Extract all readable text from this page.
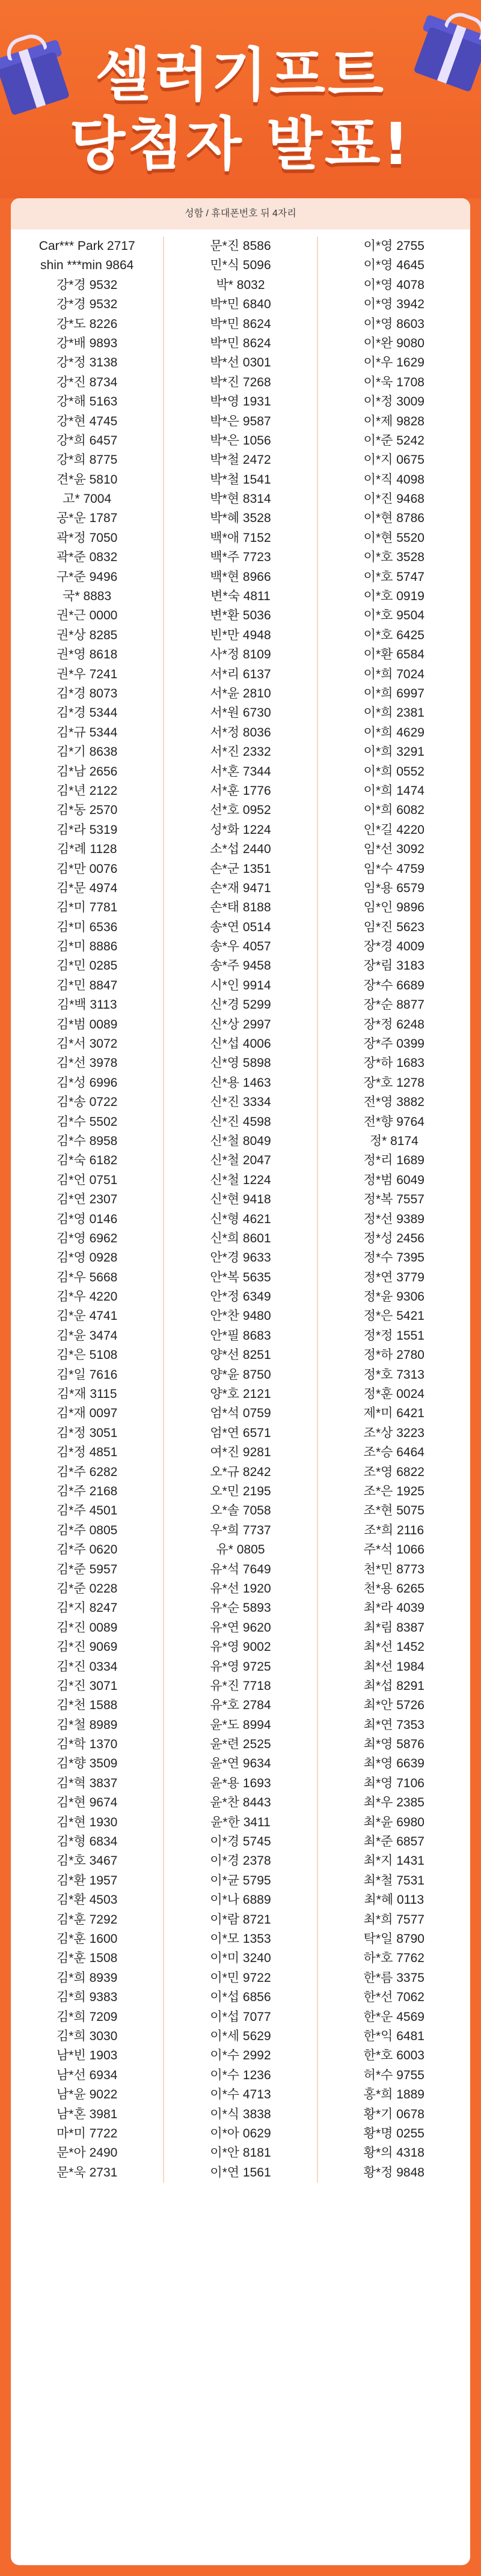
셀러기프트
당첨자 발표!
성함 / 휴대폰번호 뒤 4자리
Car*** Park 2717
shin ***min 9864
강*경 9532
강*경 9532
강*도 8226
강*배 9893
강*정 3138
강*진 8734
강*해 5163
강*현 4745
강*희 6457
강*희 8775
견*윤 5810
고* 7004
공*운 1787
곽*정 7050
곽*준 0832
구*준 9496
국* 8883
권*근 0000
권*상 8285
권*영 8618
권*우 7241
김*경 8073
김*경 5344
김*규 5344
김*기 8638
김*남 2656
김*년 2122
김*동 2570
김*라 5319
김*례 1128
김*만 0076
김*문 4974
김*미 7781
김*미 6536
김*미 8886
김*민 0285
김*민 8847
김*백 3113
김*범 0089
김*서 3072
김*선 3978
김*성 6996
김*송 0722
김*수 5502
김*수 8958
김*숙 6182
김*언 0751
김*연 2307
김*영 0146
김*영 6962
김*영 0928
김*우 5668
김*우 4220
김*운 4741
김*윤 3474
김*은 5108
김*일 7616
김*재 3115
김*재 0097
김*정 3051
김*정 4851
김*주 6282
김*주 2168
김*주 4501
김*주 0805
김*주 0620
김*준 5957
김*준 0228
김*지 8247
김*진 0089
김*진 9069
김*진 0334
김*진 3071
김*천 1588
김*철 8989
김*학 1370
김*향 3509
김*혁 3837
김*현 9674
김*현 1930
김*형 6834
김*호 3467
김*환 1957
김*환 4503
김*훈 7292
김*훈 1600
김*훈 1508
김*희 8939
김*희 9383
김*희 7209
김*희 3030
남*빈 1903
남*선 6934
남*윤 9022
남*혼 3981
마*미 7722
문*아 2490
문*욱 2731
문*진 8586
민*식 5096
박* 8032
박*민 6840
박*민 8624
박*민 8624
박*선 0301
박*진 7268
박*영 1931
박*은 9587
박*은 1056
박*철 2472
박*철 1541
박*현 8314
박*혜 3528
백*애 7152
백*주 7723
백*현 8966
변*숙 4811
변*환 5036
빈*만 4948
사*정 8109
서*리 6137
서*윤 2810
서*원 6730
서*정 8036
서*진 2332
서*혼 7344
서*훈 1776
선*호 0952
성*화 1224
소*섭 2440
손*군 1351
손*재 9471
손*태 8188
송*연 0514
송*우 4057
송*주 9458
시*인 9914
신*경 5299
신*상 2997
신*섭 4006
신*영 5898
신*용 1463
신*진 3334
신*진 4598
신*철 8049
신*철 2047
신*철 1224
신*현 9418
신*형 4621
신*희 8601
안*경 9633
안*복 5635
안*정 6349
안*찬 9480
안*필 8683
양*선 8251
양*윤 8750
양*호 2121
엄*석 0759
엄*연 6571
여*진 9281
오*규 8242
오*민 2195
오*솔 7058
우*희 7737
유* 0805
유*석 7649
유*선 1920
유*순 5893
유*연 9620
유*영 9002
유*영 9725
유*진 7718
유*호 2784
윤*도 8994
윤*련 2525
윤*연 9634
윤*용 1693
윤*찬 8443
윤*한 3411
이*경 5745
이*경 2378
이*균 5795
이*나 6889
이*람 8721
이*모 1353
이*미 3240
이*민 9722
이*섭 6856
이*섭 7077
이*세 5629
이*수 2992
이*수 1236
이*수 4713
이*식 3838
이*아 0629
이*안 8181
이*연 1561
이*영 2755
이*영 4645
이*영 4078
이*영 3942
이*영 8603
이*완 9080
이*우 1629
이*욱 1708
이*정 3009
이*제 9828
이*준 5242
이*지 0675
이*직 4098
이*진 9468
이*현 8786
이*현 5520
이*호 3528
이*호 5747
이*호 0919
이*호 9504
이*호 6425
이*환 6584
이*희 7024
이*희 6997
이*희 2381
이*희 4629
이*희 3291
이*희 0552
이*희 1474
이*희 6082
인*길 4220
임*선 3092
임*수 4759
임*용 6579
임*인 9896
임*진 5623
장*경 4009
장*림 3183
장*수 6689
장*순 8877
장*정 6248
장*주 0399
장*하 1683
장*호 1278
전*영 3882
전*향 9764
정* 8174
정*리 1689
정*범 6049
정*복 7557
정*선 9389
정*성 2456
정*수 7395
정*연 3779
정*윤 9306
정*은 5421
정*정 1551
정*하 2780
정*호 7313
정*훈 0024
제*미 6421
조*상 3223
조*승 6464
조*영 6822
조*은 1925
조*현 5075
조*희 2116
주*석 1066
천*민 8773
천*용 6265
최*라 4039
최*림 8387
최*선 1452
최*선 1984
최*섭 8291
최*안 5726
최*연 7353
최*영 5876
최*영 6639
최*영 7106
최*우 2385
최*윤 6980
최*준 6857
최*지 1431
최*철 7531
최*혜 0113
최*희 7577
탁*일 8790
하*호 7762
한*름 3375
한*선 7062
한*운 4569
한*익 6481
한*호 6003
허*수 9755
홍*희 1889
황*기 0678
황*명 0255
황*의 4318
황*정 9848
